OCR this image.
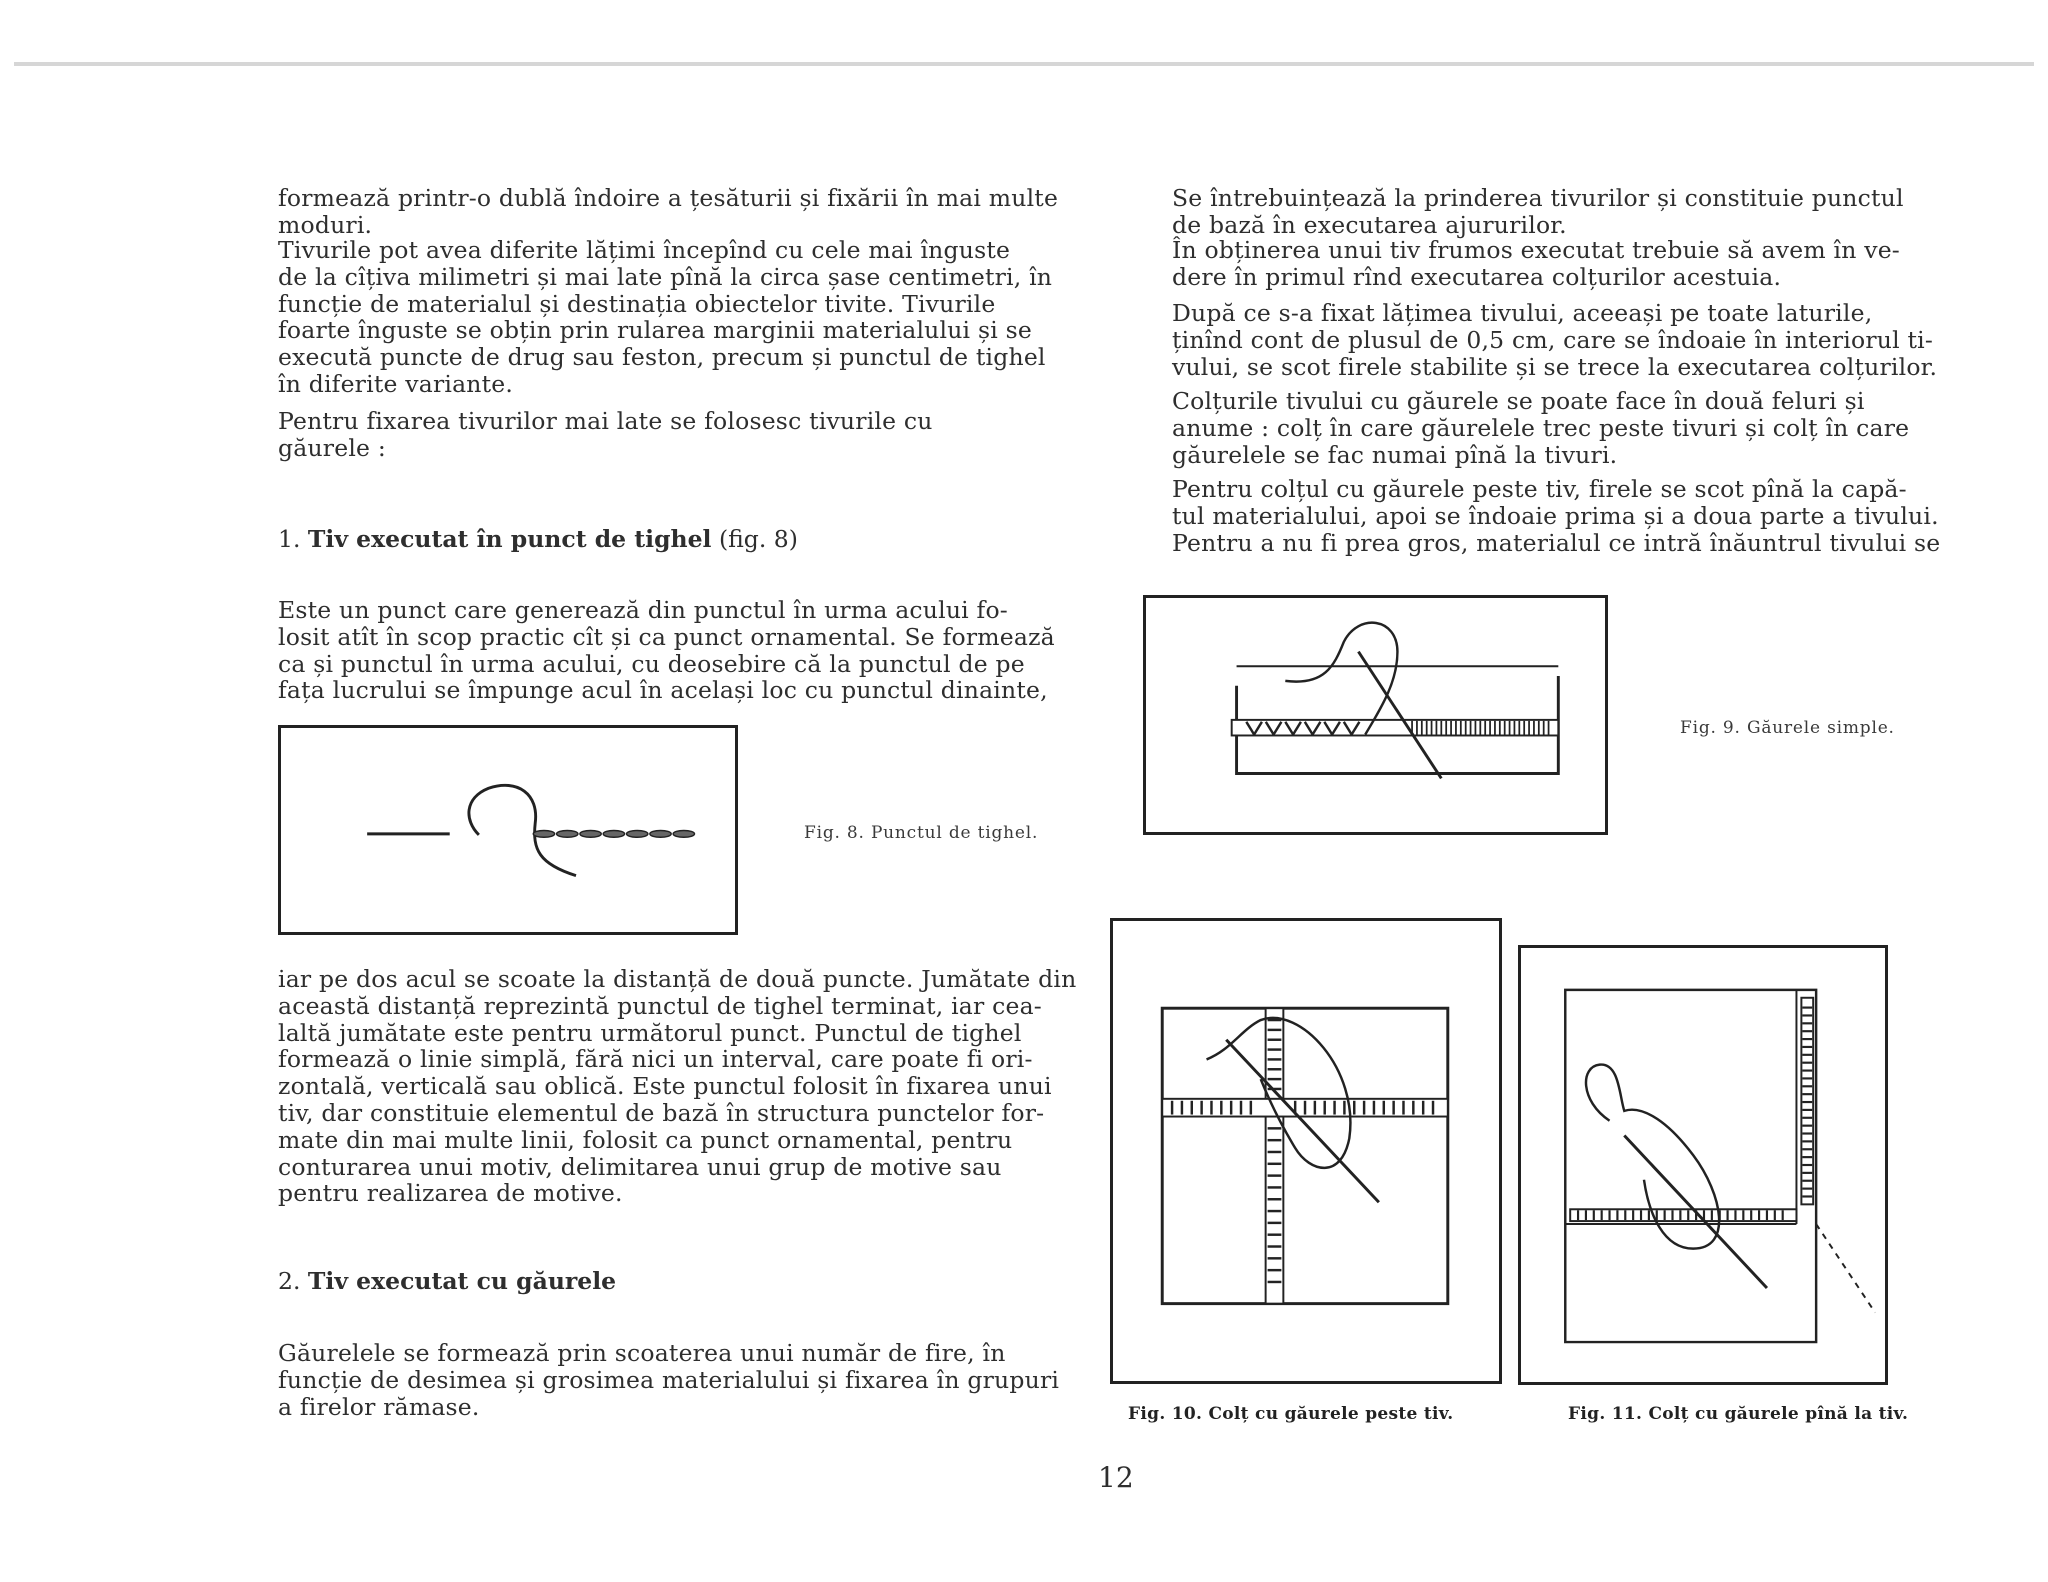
formează printr-o dublă îndoire a țesăturii și fixării în mai multe
moduri.

Tivurile pot avea diferite lățimi începînd cu cele mai înguste
de la cîțiva milimetri și mai late pînă la circa șase centimetri, în
funcție de materialul și destinația obiectelor tivite. Tivurile
foarte înguste se obțin prin rularea marginii materialului și se
execută puncte de drug sau feston, precum și punctul de tighel
în diferite variante.

Pentru fixarea tivurilor mai late se folosesc tivurile cu
găurele :

1. Tiv executat în punct de tighel (fig. 8)

Este un punct care generează din punctul în urma acului fo-
losit atît în scop practic cît și ca punct ornamental. Se formează
ca și punctul în urma acului, cu deosebire că la punctul de pe
fața lucrului se împunge acul în același loc cu punctul dinainte,

Fig. 8. Punctul de tighel.

iar pe dos acul se scoate la distanță de două puncte. Jumătate din
această distanță reprezintă punctul de tighel terminat, iar cea-
laltă jumătate este pentru următorul punct. Punctul de tighel
formează o linie simplă, fără nici un interval, care poate fi ori-
zontală, verticală sau oblică. Este punctul folosit în fixarea unui
tiv, dar constituie elementul de bază în structura punctelor for-
mate din mai multe linii, folosit ca punct ornamental, pentru
conturarea unui motiv, delimitarea unui grup de motive sau
pentru realizarea de motive.

2. Tiv executat cu găurele

Găurelele se formează prin scoaterea unui număr de fire, în
funcție de desimea și grosimea materialului și fixarea în grupuri
a firelor rămase.

Se întrebuințează la prinderea tivurilor și constituie punctul
de bază în executarea ajururilor.

În obținerea unui tiv frumos executat trebuie să avem în ve-
dere în primul rînd executarea colțurilor acestuia.

După ce s-a fixat lățimea tivului, aceeași pe toate laturile,
ținînd cont de plusul de 0,5 cm, care se îndoaie în interiorul ti-
vului, se scot firele stabilite și se trece la executarea colțurilor.

Colțurile tivului cu găurele se poate face în două feluri și
anume : colț în care găurelele trec peste tivuri și colț în care
găurelele se fac numai pînă la tivuri.

Pentru colțul cu găurele peste tiv, firele se scot pînă la capă-
tul materialului, apoi se îndoaie prima și a doua parte a tivului.
Pentru a nu fi prea gros, materialul ce intră înăuntrul tivului se

Fig. 9. Găurele simple.

Fig. 10. Colț cu găurele peste tiv.	Fig. 11. Colț cu găurele pînă la tiv.

12
